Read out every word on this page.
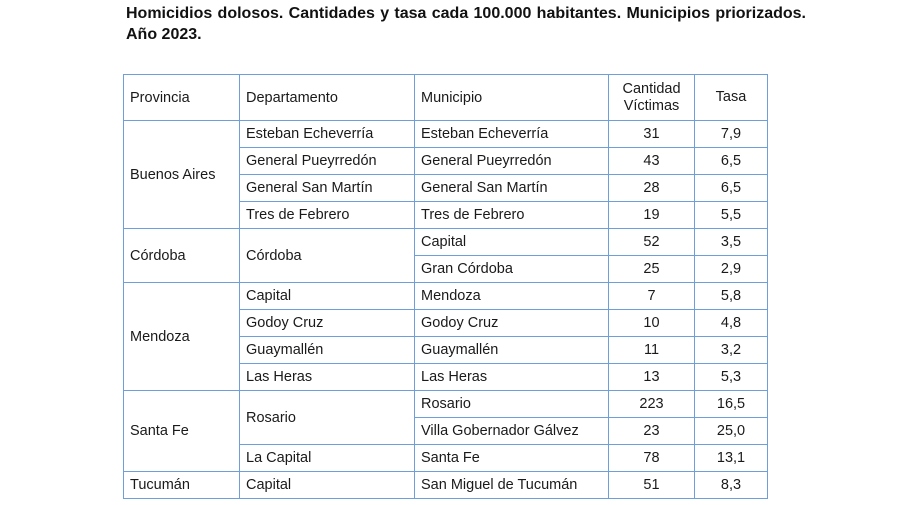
Homicidios dolosos. Cantidades y tasa cada 100.000 habitantes. Municipios priorizados. Año 2023.

Provincia	Departamento	Municipio	Cantidad Víctimas	Tasa
Buenos Aires	Esteban Echeverría	Esteban Echeverría	31	7,9
	General Pueyrredón	General Pueyrredón	43	6,5
	General San Martín	General San Martín	28	6,5
	Tres de Febrero	Tres de Febrero	19	5,5
Córdoba	Córdoba	Capital	52	3,5
		Gran Córdoba	25	2,9
Mendoza	Capital	Mendoza	7	5,8
	Godoy Cruz	Godoy Cruz	10	4,8
	Guaymallén	Guaymallén	11	3,2
	Las Heras	Las Heras	13	5,3
Santa Fe	Rosario	Rosario	223	16,5
		Villa Gobernador Gálvez	23	25,0
	La Capital	Santa Fe	78	13,1
Tucumán	Capital	San Miguel de Tucumán	51	8,3
